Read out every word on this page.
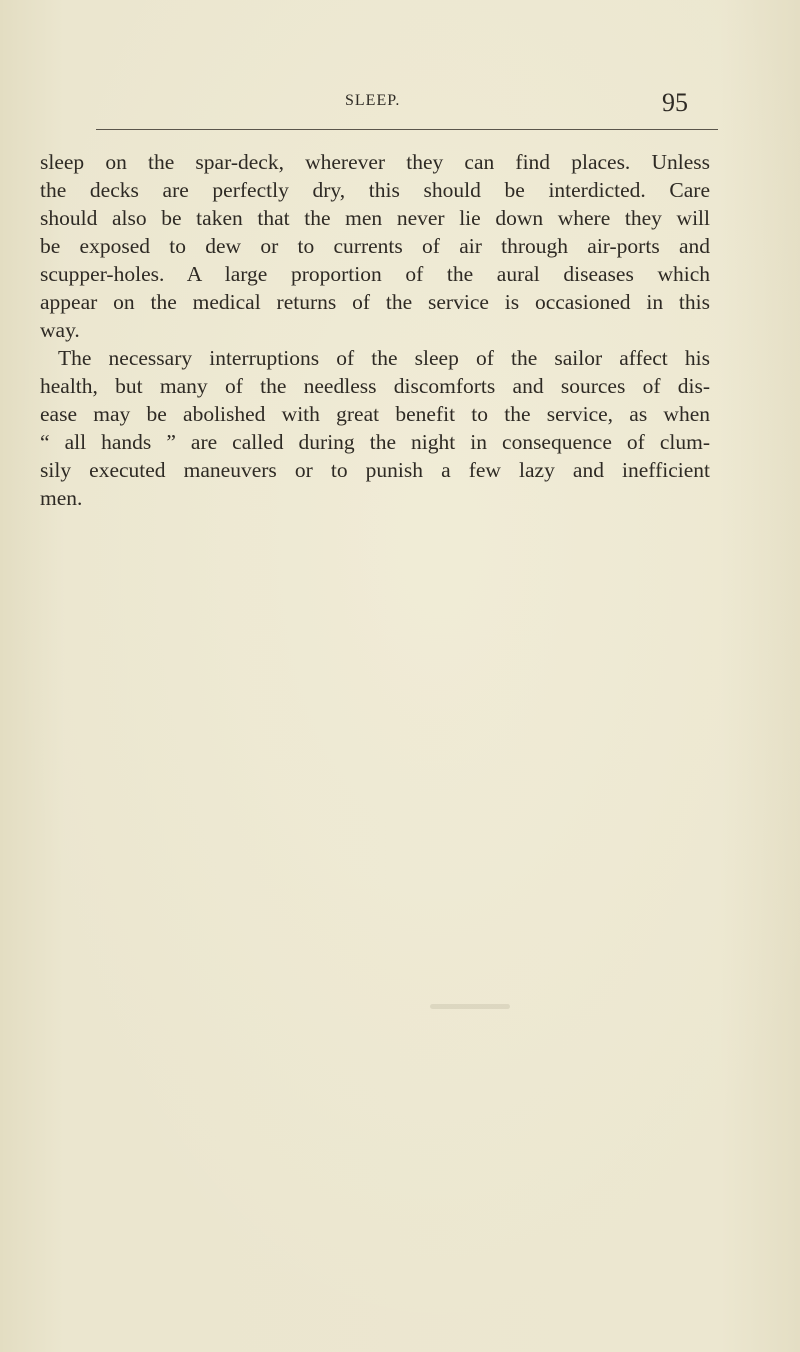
SLEEP.	95
sleep on the spar-deck, wherever they can find places. Unless
the decks are perfectly dry, this should be interdicted. Care
should also be taken that the men never lie down where they will
be exposed to dew or to currents of air through air-ports and
scupper-holes. A large proportion of the aural diseases which
appear on the medical returns of the service is occasioned in this
way.
The necessary interruptions of the sleep of the sailor affect his
health, but many of the needless discomforts and sources of dis-
ease may be abolished with great benefit to the service, as when
“ all hands ” are called during the night in consequence of clum-
sily executed maneuvers or to punish a few lazy and inefficient
men.
